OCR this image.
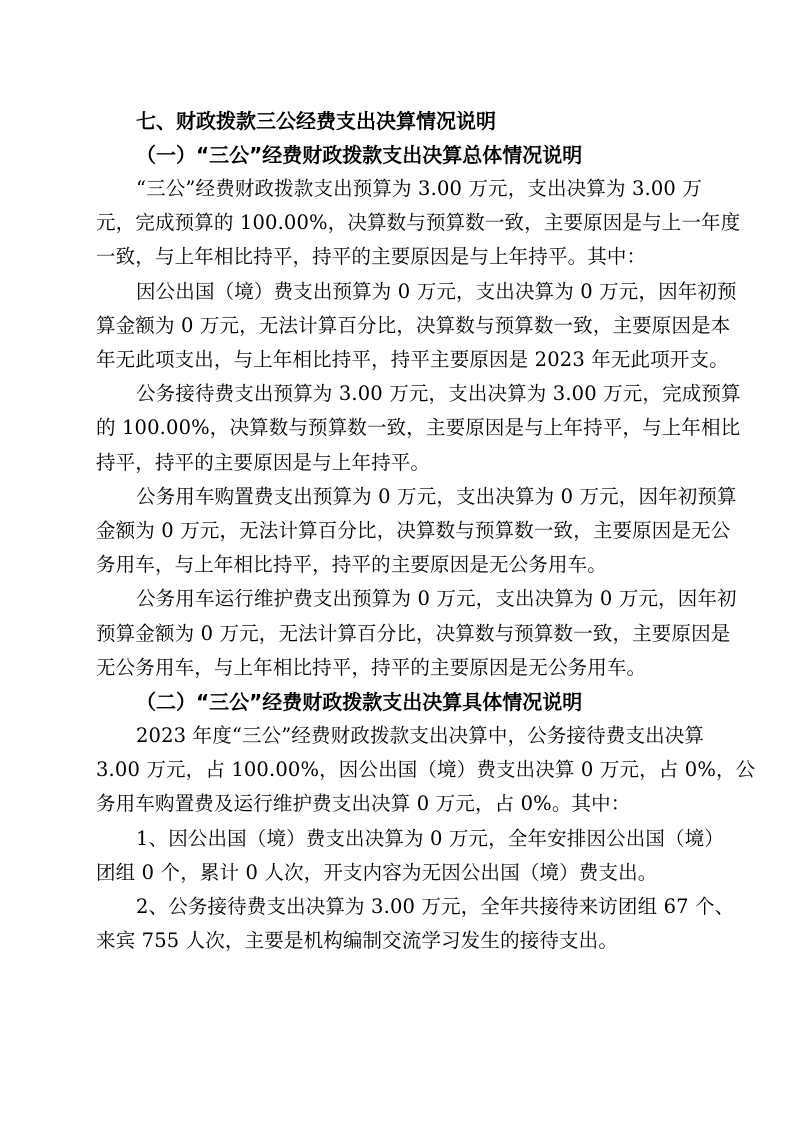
七、财政拨款三公经费支出决算情况说明
（一）“三公”经费财政拨款支出决算总体情况说明
“三公”经费财政拨款支出预算为 3.00 万元，支出决算为 3.00 万
元，完成预算的 100.00%，决算数与预算数一致，主要原因是与上一年度
一致，与上年相比持平，持平的主要原因是与上年持平。其中：
因公出国（境）费支出预算为 0 万元，支出决算为 0 万元，因年初预
算金额为 0 万元，无法计算百分比，决算数与预算数一致，主要原因是本
年无此项支出，与上年相比持平，持平主要原因是 2023 年无此项开支。
公务接待费支出预算为 3.00 万元，支出决算为 3.00 万元，完成预算
的 100.00%，决算数与预算数一致，主要原因是与上年持平，与上年相比
持平，持平的主要原因是与上年持平。
公务用车购置费支出预算为 0 万元，支出决算为 0 万元，因年初预算
金额为 0 万元，无法计算百分比，决算数与预算数一致，主要原因是无公
务用车，与上年相比持平，持平的主要原因是无公务用车。
公务用车运行维护费支出预算为 0 万元，支出决算为 0 万元，因年初
预算金额为 0 万元，无法计算百分比，决算数与预算数一致，主要原因是
无公务用车，与上年相比持平，持平的主要原因是无公务用车。
（二）“三公”经费财政拨款支出决算具体情况说明
2023 年度“三公”经费财政拨款支出决算中，公务接待费支出决算
3.00 万元，占 100.00%，因公出国（境）费支出决算 0 万元，占 0%，公
务用车购置费及运行维护费支出决算 0 万元，占 0%。其中：
1、因公出国（境）费支出决算为 0 万元，全年安排因公出国（境）
团组 0 个，累计 0 人次，开支内容为无因公出国（境）费支出。
2、公务接待费支出决算为 3.00 万元，全年共接待来访团组 67 个、
来宾 755 人次，主要是机构编制交流学习发生的接待支出。
